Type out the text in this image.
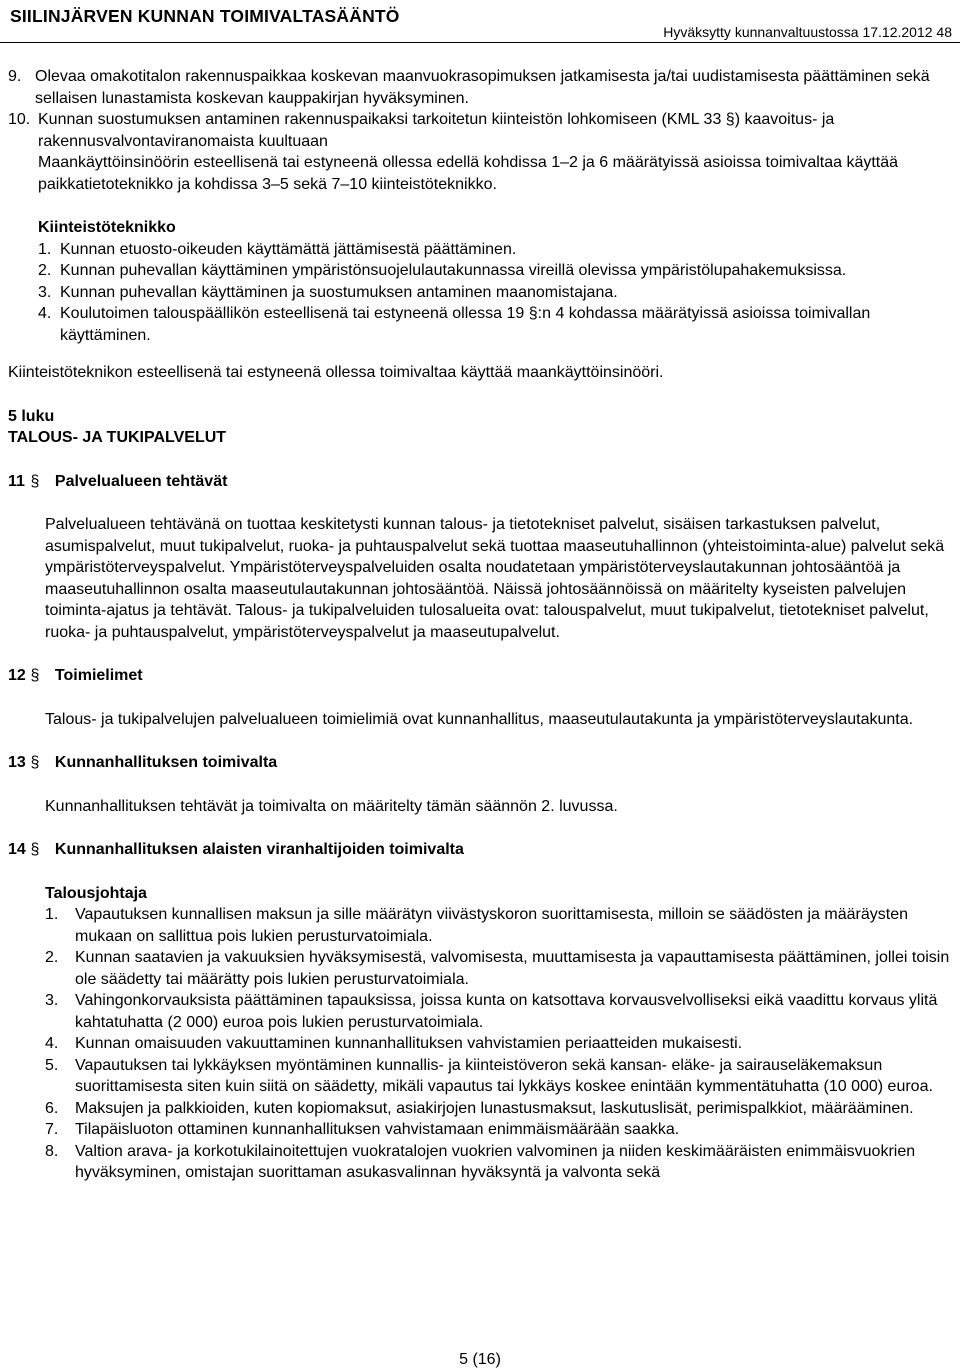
SIILINJÄRVEN KUNNAN TOIMIVALTASÄÄNTÖ
Hyväksytty kunnanvaltuustossa 17.12.2012 48
9. Olevaa omakotitalon rakennuspaikkaa koskevan maanvuokrasopimuksen jatkamisesta ja/tai uudistamisesta päättäminen sekä sellaisen lunastamista koskevan kauppakirjan hyväksyminen.
10. Kunnan suostumuksen antaminen rakennuspaikaksi tarkoitetun kiinteistön lohkomiseen (KML 33 §) kaavoitus- ja rakennusvalvontaviranomaista kuultuaan
Maankäyttöinsinöörin esteellisenä tai estyneenä ollessa edellä kohdissa 1–2 ja 6 määrätyissä asioissa toimivaltaa käyttää paikkatietoteknikko ja kohdissa 3–5 sekä 7–10 kiinteistöteknikko.
Kiinteistöteknikko
1. Kunnan etuosto-oikeuden käyttämättä jättämisestä päättäminen.
2. Kunnan puhevallan käyttäminen ympäristönsuojelulautakunnassa vireillä olevissa ympäristölupahakemuksissa.
3. Kunnan puhevallan käyttäminen ja suostumuksen antaminen maanomistajana.
4. Koulutoimen talouspäällikön esteellisenä tai estyneenä ollessa 19 §:n 4 kohdassa määrätyissä asioissa toimivallan käyttäminen.
Kiinteistöteknikon esteellisenä tai estyneenä ollessa toimivaltaa käyttää maankäyttöinsinööri.
5 luku
TALOUS- JA TUKIPALVELUT
11 § Palvelualueen tehtävät
Palvelualueen tehtävänä on tuottaa keskitetysti kunnan talous- ja tietotekniset palvelut, sisäisen tarkastuksen palvelut, asumispalvelut, muut tukipalvelut, ruoka- ja puhtauspalvelut sekä tuottaa maaseutuhallinnon (yhteistoiminta-alue) palvelut sekä ympäristöterveyspalvelut. Ympäristöterveyspalveluiden osalta noudatetaan ympäristöterveyslautakunnan johtosääntöä ja maaseutuhallinnon osalta maaseutulautakunnan johtosääntöä. Näissä johtosäännöissä on määritelty kyseisten palvelujen toiminta-ajatus ja tehtävät. Talous- ja tukipalveluiden tulosalueita ovat: talouspalvelut, muut tukipalvelut, tietotekniset palvelut, ruoka- ja puhtauspalvelut, ympäristöterveyspalvelut ja maaseutupalvelut.
12 § Toimielimet
Talous- ja tukipalvelujen palvelualueen toimielimiä ovat kunnanhallitus, maaseutulautakunta ja ympäristöterveyslautakunta.
13 § Kunnanhallituksen toimivalta
Kunnanhallituksen tehtävät ja toimivalta on määritelty tämän säännön 2. luvussa.
14 § Kunnanhallituksen alaisten viranhaltijoiden toimivalta
Talousjohtaja
1. Vapautuksen kunnallisen maksun ja sille määrätyn viivästyskoron suorittamisesta, milloin se säädösten ja määräysten mukaan on sallittua pois lukien perusturvatoimiala.
2. Kunnan saatavien ja vakuuksien hyväksymisestä, valvomisesta, muuttamisesta ja vapauttamisesta päättäminen, jollei toisin ole säädetty tai määrätty pois lukien perusturvatoimiala.
3. Vahingonkorvauksista päättäminen tapauksissa, joissa kunta on katsottava korvausvelvolliseksi eikä vaadittu korvaus ylitä kahtatuhatta (2 000) euroa pois lukien perusturvatoimiala.
4. Kunnan omaisuuden vakuuttaminen kunnanhallituksen vahvistamien periaatteiden mukaisesti.
5. Vapautuksen tai lykkäyksen myöntäminen kunnallis- ja kiinteistöveron sekä kansan- eläke- ja sairauseläkemaksun suorittamisesta siten kuin siitä on säädetty, mikäli vapautus tai lykkäys koskee enintään kymmentätuhatta (10 000) euroa.
6. Maksujen ja palkkioiden, kuten kopiomaksut, asiakirjojen lunastusmaksut, laskutuslisät, perimispalkkiot, määrääminen.
7. Tilapäisluoton ottaminen kunnanhallituksen vahvistamaan enimmäismäärään saakka.
8. Valtion arava- ja korkotukilainoitettujen vuokratalojen vuokrien valvominen ja niiden keskimääräisten enimmäisvuokrien hyväksyminen, omistajan suorittaman asukasvalinnan hyväksyntä ja valvonta sekä
5 (16)
